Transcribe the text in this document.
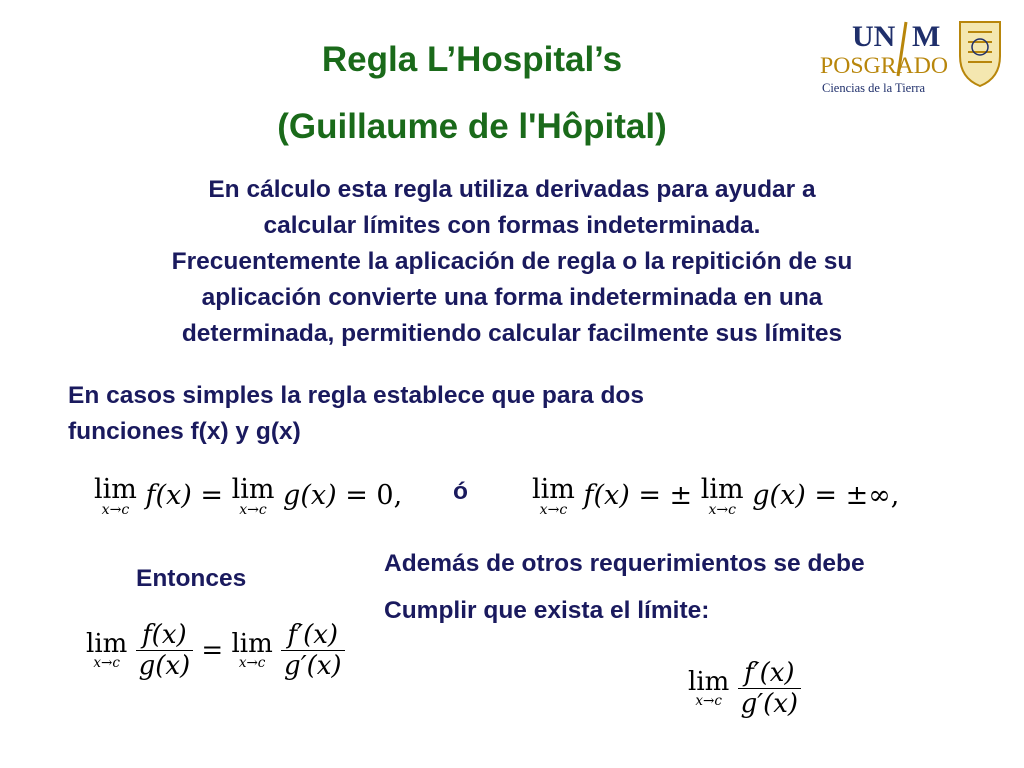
Regla L’Hospital’s
(Guillaume de l'Hôpital)
UN M
POSGRADO
Ciencias de la Tierra
En cálculo esta regla utiliza derivadas para ayudar a
calcular límites con formas indeterminada.
Frecuentemente la aplicación de regla o la repitición de su
aplicación convierte una forma indeterminada en una
determinada, permitiendo calcular facilmente sus límites
En casos simples la regla establece que para dos
funciones f(x) y g(x)
lim
x→c f(x) = lim
x→c g(x) = 0, ó lim
x→c f(x) = ± lim
x→c g(x) = ±∞,
Entonces
Además de otros requerimientos se debe
Cumplir que exista el límite:
lim
x→c
$\frac{f(x)}{g(x)} = \lim$
x→c
$\frac{f'(x)}{g'(x)}$
lim
x→c
$\frac{f'(x)}{g'(x)}$
